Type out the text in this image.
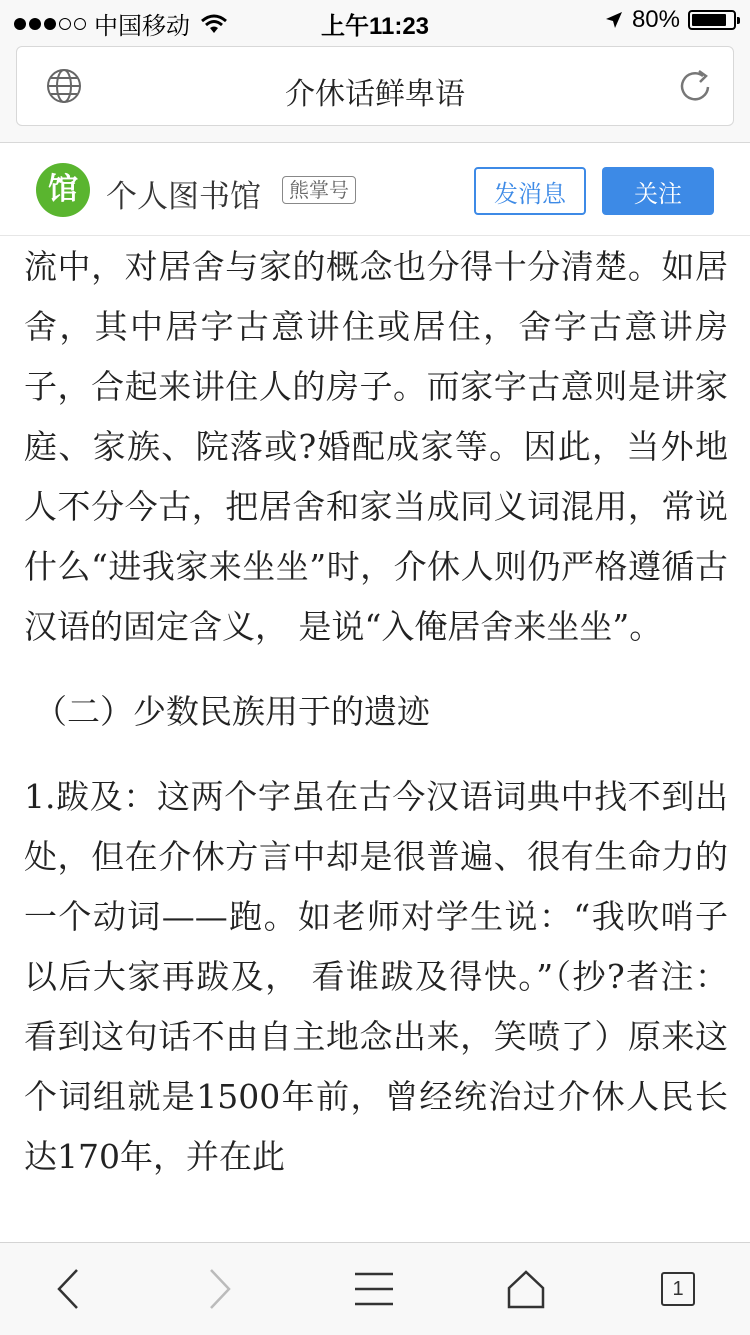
中国移动	上午11:23	80%
介休话鲜卑语
馆 个人图书馆	熊掌号	发消息	关注

流中，对居舍与家的概念也分得十分清楚。如居舍，其中居字古意讲住或居住，舍字古意讲房子，合起来讲住人的房子。而家字古意则是讲家 庭、家族、院落或?婚配成家等。因此，当外地人不分今古，把居舍和家当成同义词混用，常说什么“进我家来坐坐”时，介休人则仍严格遵循古汉语的固定含义， 是说“入俺居舍来坐坐”。

（二）少数民族用于的遗迹

1.跋及：这两个字虽在古今汉语词典中找不到出处，但在介休方言中却是很普遍、很有生命力的一个动词——跑。如老师对学生说：“我吹哨子以后大家再跋及， 看谁跋及得快。”（抄?者注：看到这句话不由自主地念出来，笑喷了）原来这个词组就是1500年前，曾经统治过介休人民长达170年，并在此

1
